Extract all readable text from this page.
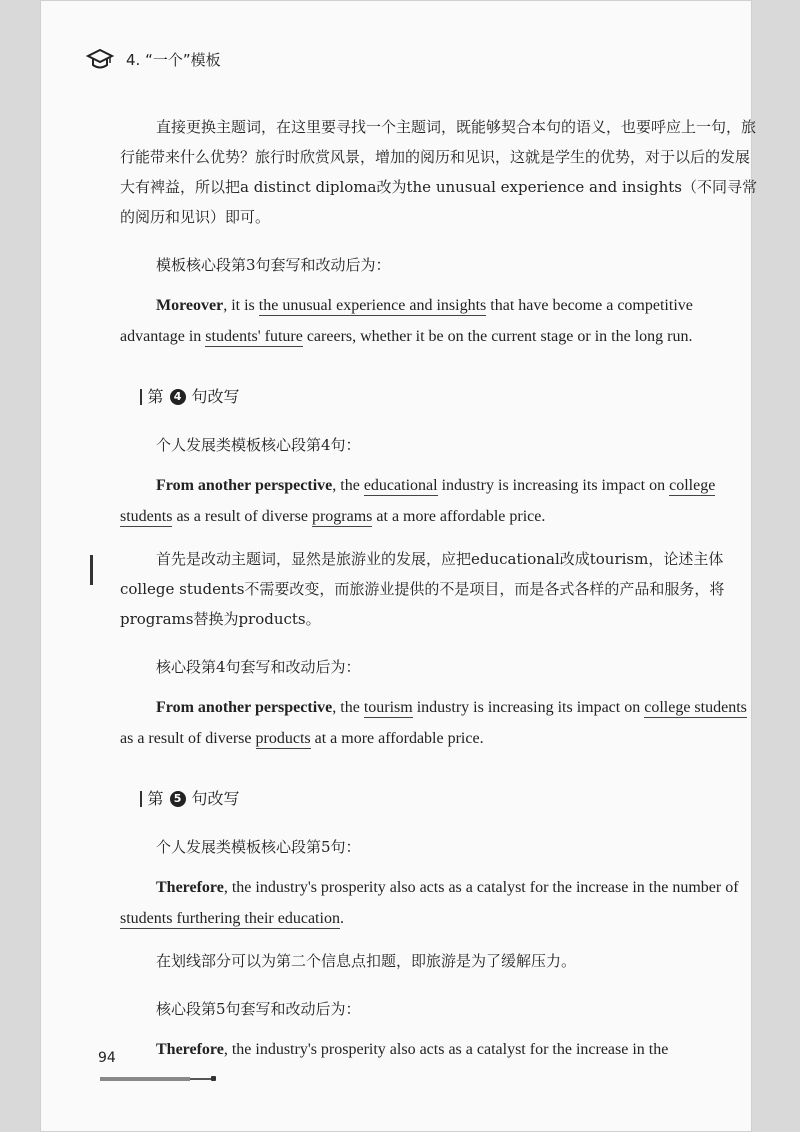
4. “一个”模板

直接更换主题词，在这里要寻找一个主题词，既能够契合本句的语义，也要呼应上一句，旅行能带来什么优势？旅行时欣赏风景，增加的阅历和见识，这就是学生的优势，对于以后的发展大有裨益，所以把a distinct diploma改为the unusual experience and insights（不同寻常的阅历和见识）即可。

模板核心段第3句套写和改动后为：

Moreover, it is the unusual experience and insights that have become a competitive advantage in students' future careers, whether it be on the current stage or in the long run.

第 4 句改写

个人发展类模板核心段第4句：

From another perspective, the educational industry is increasing its impact on college students as a result of diverse programs at a more affordable price.

首先是改动主题词，显然是旅游业的发展，应把educational改成tourism，论述主体college students不需要改变，而旅游业提供的不是项目，而是各式各样的产品和服务，将programs替换为products。

核心段第4句套写和改动后为：

From another perspective, the tourism industry is increasing its impact on college students as a result of diverse products at a more affordable price.

第 5 句改写

个人发展类模板核心段第5句：

Therefore, the industry's prosperity also acts as a catalyst for the increase in the number of students furthering their education.

在划线部分可以为第二个信息点扣题，即旅游是为了缓解压力。

核心段第5句套写和改动后为：

Therefore, the industry's prosperity also acts as a catalyst for the increase in the

94
